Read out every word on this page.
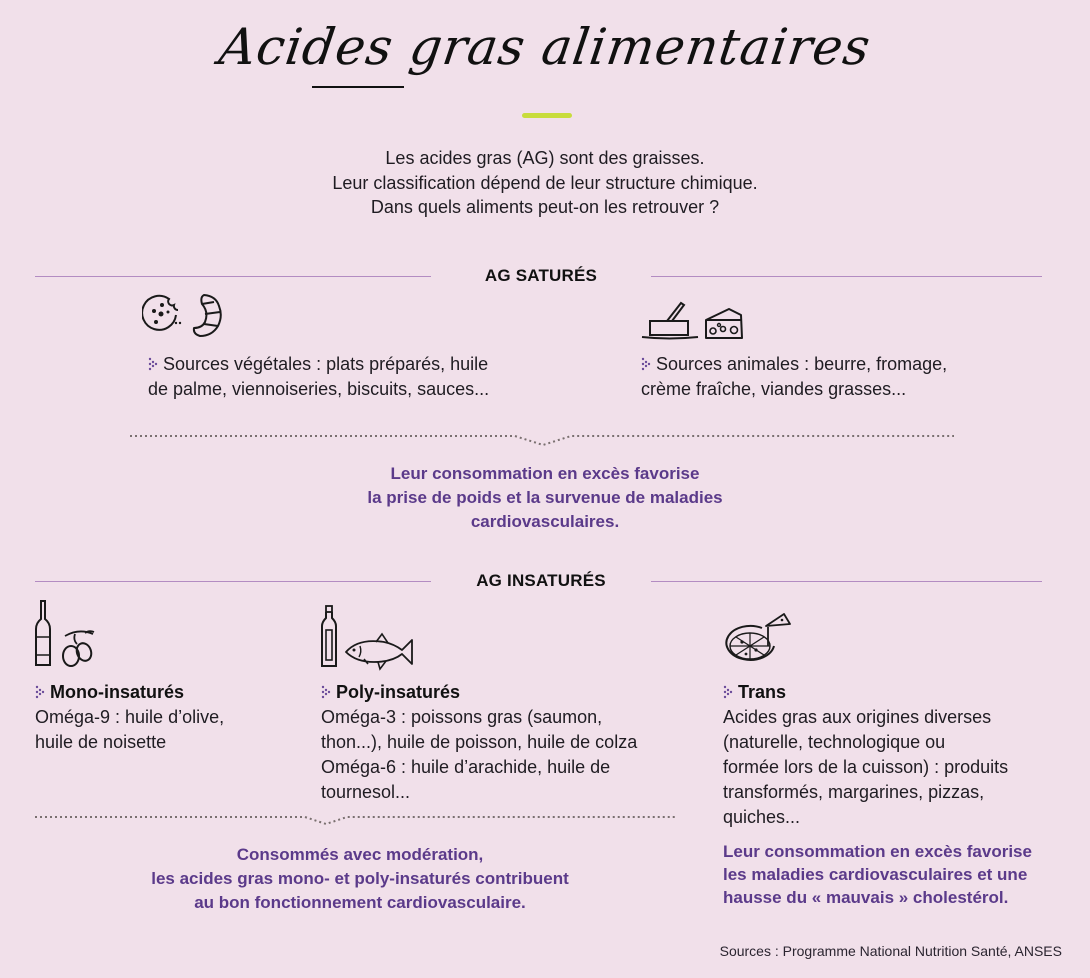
Acides gras alimentaires
Les acides gras (AG) sont des graisses.
Leur classification dépend de leur structure chimique.
Dans quels aliments peut-on les retrouver ?
AG SATURÉS
Sources végétales : plats préparés, huile
de palme, viennoiseries, biscuits, sauces...
Sources animales : beurre, fromage,
crème fraîche, viandes grasses...
Leur consommation en excès favorise
la prise de poids et la survenue de maladies
cardiovasculaires.
AG INSATURÉS
Mono-insaturés
Oméga-9 : huile d’olive,
huile de noisette
Poly-insaturés
Oméga-3 : poissons gras (saumon,
thon...), huile de poisson, huile de colza
Oméga-6 : huile d’arachide, huile de
tournesol...
Trans
Acides gras aux origines diverses
(naturelle, technologique ou
formée lors de la cuisson) : produits
transformés, margarines, pizzas,
quiches...
Leur consommation en excès favorise
les maladies cardiovasculaires et une
hausse du « mauvais » cholestérol.
Consommés avec modération,
les acides gras mono- et poly-insaturés contribuent
au bon fonctionnement cardiovasculaire.
Sources : Programme National Nutrition Santé, ANSES
